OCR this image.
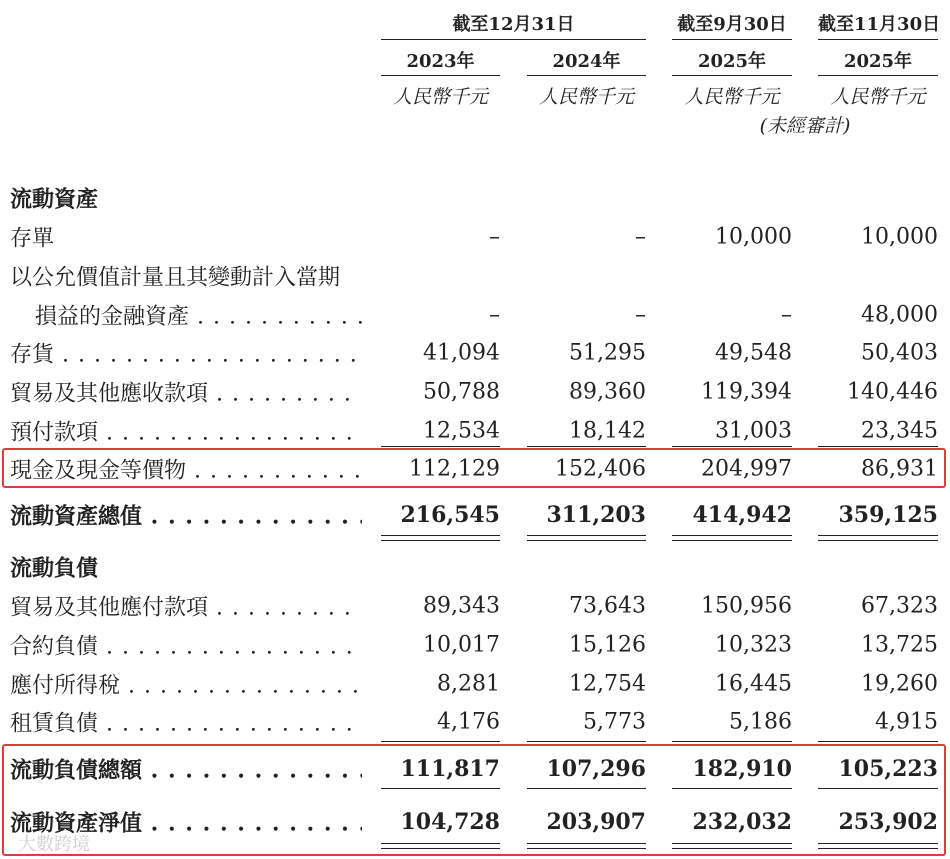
截至12月31日	截至9月30日 截至11月30日
2023年	2024年	2025年	2025年
人民幣千元	人民幣千元	人民幣千元	人民幣千元
(未經審計)
流動資產
存單	–	–	10,000	10,000
以公允價值計量且其變動計入當期
損益的金融資產 . . .	–	–	–	48,000
存貨 . . .	41,094	51,295	49,548	50,403
貿易及其他應收款項 . . .	50,788	89,360	119,394	140,446
預付款項 . . .	12,534	18,142	31,003	23,345
現金及現金等價物 . . .	112,129	152,406	204,997	86,931
流動資產總值 . . .	216,545 311,203 414,942 359,125
流動負債
貿易及其他應付款項 . . .	89,343	73,643	150,956	67,323
合約負債 . . .	10,017	15,126	10,323	13,725
應付所得稅 . . .	8,281	12,754	16,445	19,260
租賃負債 . . .	4,176	5,773	5,186	4,915
流動負債總額 . . .	111,817 107,296 182,910 105,223
流動資產淨值 . . .	104,728 203,907 232,032 253,902
大數跨境
